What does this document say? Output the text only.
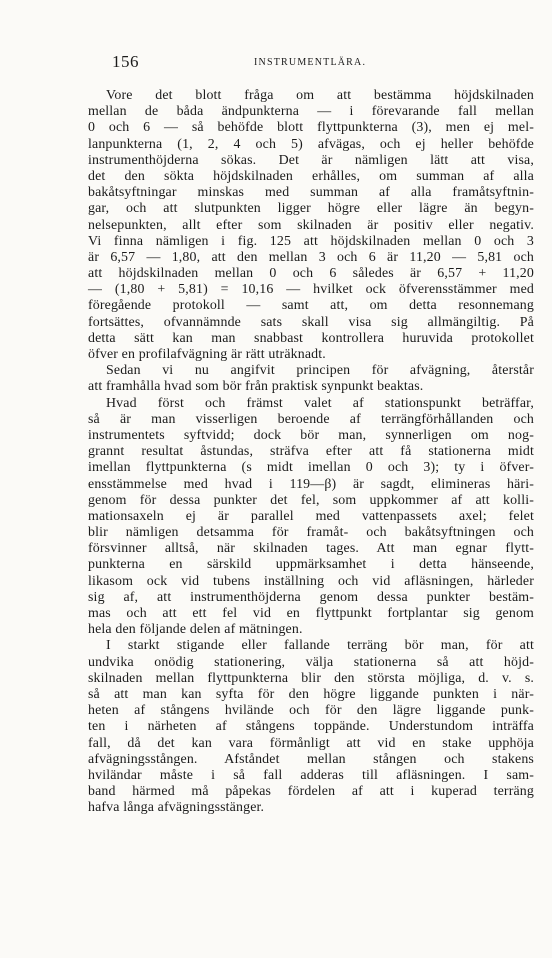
156	INSTRUMENTLÄRA.
Vore det blott fråga om att bestämma höjdskilnaden
mellan de båda ändpunkterna — i förevarande fall mellan
0 och 6 — så behöfde blott flyttpunkterna (3), men ej mel-
lanpunkterna (1, 2, 4 och 5) afvägas, och ej heller behöfde
instrumenthöjderna sökas. Det är nämligen lätt att visa,
det den sökta höjdskilnaden erhålles, om summan af alla
bakåtsyftningar minskas med summan af alla framåtsyftnin-
gar, och att slutpunkten ligger högre eller lägre än begyn-
nelsepunkten, allt efter som skilnaden är positiv eller negativ.
Vi finna nämligen i fig. 125 att höjdskilnaden mellan 0 och 3
är 6,57 — 1,80, att den mellan 3 och 6 är 11,20 — 5,81 och
att höjdskilnaden mellan 0 och 6 således är 6,57 + 11,20
— (1,80 + 5,81) = 10,16 — hvilket ock öfverensstämmer med
föregående protokoll — samt att, om detta resonnemang
fortsättes, ofvannämnde sats skall visa sig allmängiltig. På
detta sätt kan man snabbast kontrollera huruvida protokollet
öfver en profilafvägning är rätt uträknadt.
Sedan vi nu angifvit principen för afvägning, återstår
att framhålla hvad som bör från praktisk synpunkt beaktas.
Hvad först och främst valet af stationspunkt beträffar,
så är man visserligen beroende af terrängförhållanden och
instrumentets syftvidd; dock bör man, synnerligen om nog-
grannt resultat åstundas, sträfva efter att få stationerna midt
imellan flyttpunkterna (s midt imellan 0 och 3); ty i öfver-
ensstämmelse med hvad i 119—β) är sagdt, elimineras häri-
genom för dessa punkter det fel, som uppkommer af att kolli-
mationsaxeln ej är parallel med vattenpassets axel; felet
blir nämligen detsamma för framåt- och bakåtsyftningen och
försvinner alltså, när skilnaden tages. Att man egnar flytt-
punkterna en särskild uppmärksamhet i detta hänseende,
likasom ock vid tubens inställning och vid afläsningen, härleder
sig af, att instrumenthöjderna genom dessa punkter bestäm-
mas och att ett fel vid en flyttpunkt fortplantar sig genom
hela den följande delen af mätningen.
I starkt stigande eller fallande terräng bör man, för att
undvika onödig stationering, välja stationerna så att höjd-
skilnaden mellan flyttpunkterna blir den största möjliga, d. v. s.
så att man kan syfta för den högre liggande punkten i när-
heten af stångens hvilände och för den lägre liggande punk-
ten i närheten af stångens toppände. Understundom inträffa
fall, då det kan vara förmånligt att vid en stake upphöja
afvägningsstången. Afståndet mellan stången och stakens
hviländar måste i så fall adderas till afläsningen. I sam-
band härmed må påpekas fördelen af att i kuperad terräng
hafva långa afvägningsstänger.
